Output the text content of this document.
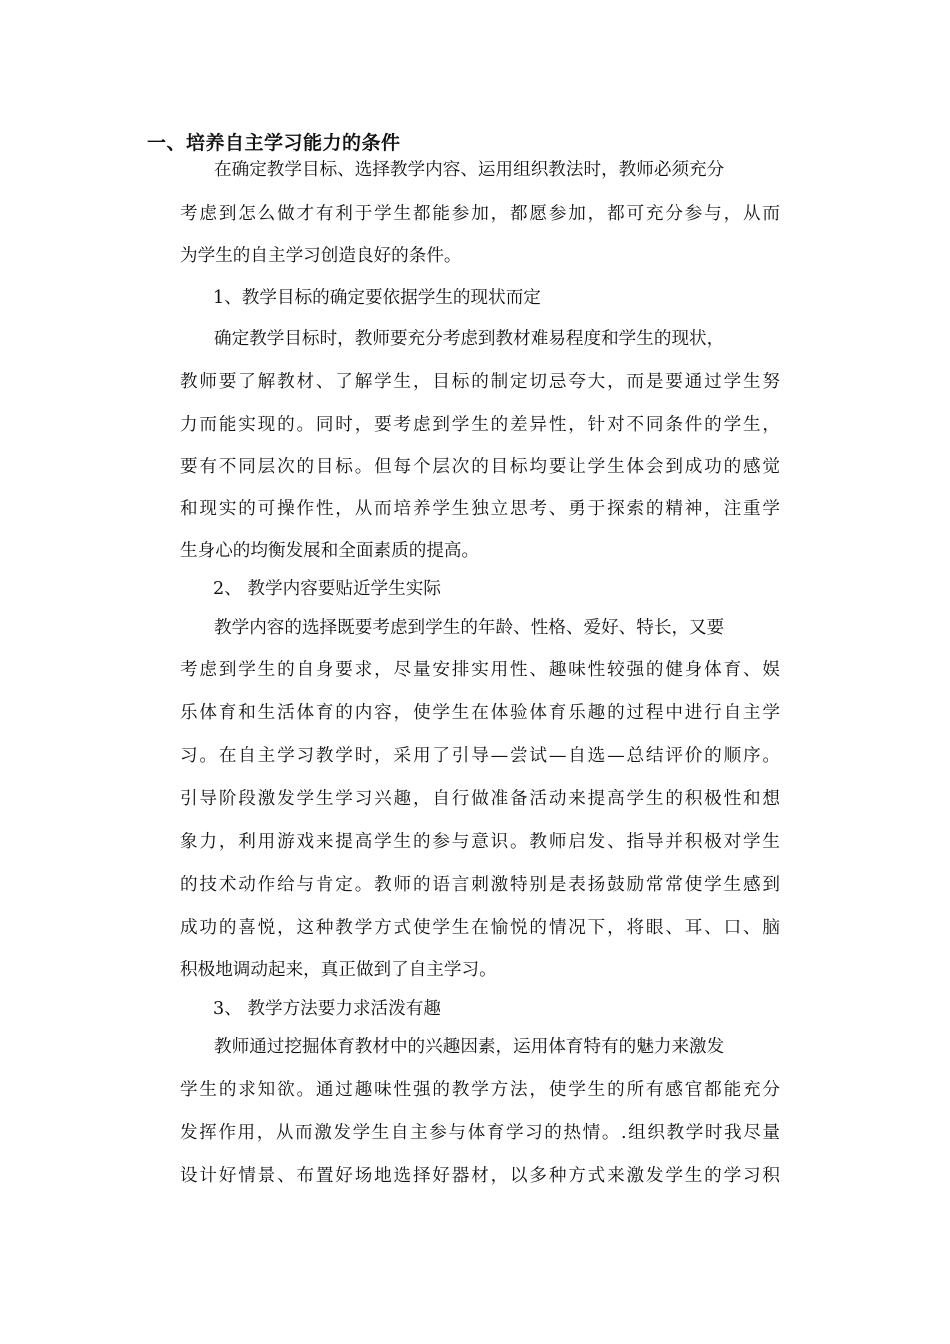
一、培养自主学习能力的条件
在确定教学目标、选择教学内容、运用组织教法时，教师必须充分
考虑到怎么做才有利于学生都能参加，都愿参加，都可充分参与，从而
为学生的自主学习创造良好的条件。
1、教学目标的确定要依据学生的现状而定
确定教学目标时，教师要充分考虑到教材难易程度和学生的现状，
教师要了解教材、了解学生，目标的制定切忌夸大，而是要通过学生努
力而能实现的。同时，要考虑到学生的差异性，针对不同条件的学生，
要有不同层次的目标。但每个层次的目标均要让学生体会到成功的感觉
和现实的可操作性，从而培养学生独立思考、勇于探索的精神，注重学
生身心的均衡发展和全面素质的提高。
2、 教学内容要贴近学生实际
教学内容的选择既要考虑到学生的年龄、性格、爱好、特长，又要
考虑到学生的自身要求，尽量安排实用性、趣味性较强的健身体育、娱
乐体育和生活体育的内容，使学生在体验体育乐趣的过程中进行自主学
习。在自主学习教学时，采用了引导—尝试—自选—总结评价的顺序。
引导阶段激发学生学习兴趣，自行做准备活动来提高学生的积极性和想
象力，利用游戏来提高学生的参与意识。教师启发、指导并积极对学生
的技术动作给与肯定。教师的语言刺激特别是表扬鼓励常常使学生感到
成功的喜悦，这种教学方式使学生在愉悦的情况下，将眼、耳、口、脑
积极地调动起来，真正做到了自主学习。
3、 教学方法要力求活泼有趣
教师通过挖掘体育教材中的兴趣因素，运用体育特有的魅力来激发
学生的求知欲。通过趣味性强的教学方法，使学生的所有感官都能充分
发挥作用，从而激发学生自主参与体育学习的热情。.组织教学时我尽量
设计好情景、布置好场地选择好器材，以多种方式来激发学生的学习积
